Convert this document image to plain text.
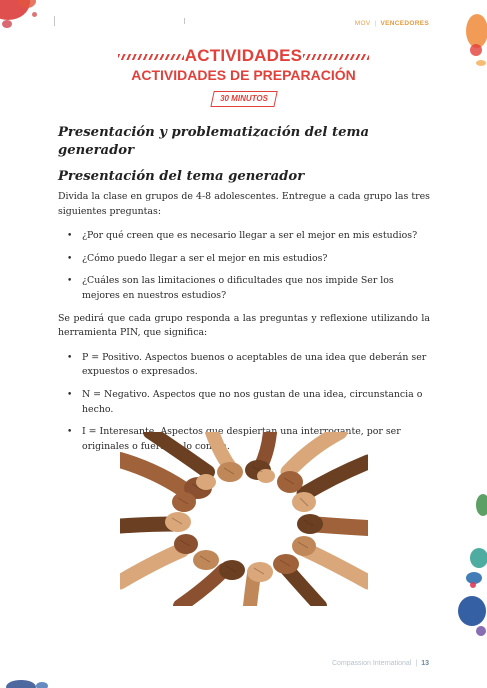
MOV | VENCEDORES
ACTIVIDADES
ACTIVIDADES DE PREPARACIÓN
30 MINUTOS
Presentación y problematización del tema generador
Presentación del tema generador

Divida la clase en grupos de 4-8 adolescentes. Entregue a cada grupo las tres siguientes preguntas:

• ¿Por qué creen que es necesario llegar a ser el mejor en mis estudios?
• ¿Cómo puedo llegar a ser el mejor en mis estudios?
• ¿Cuáles son las limitaciones o dificultades que nos impide Ser los mejores en nuestros estudios?

Se pedirá que cada grupo responda a las preguntas y reflexione utilizando la herramienta PIN, que significa:

• P = Positivo. Aspectos buenos o aceptables de una idea que deberán ser expuestos o expresados.
• N = Negativo. Aspectos que no nos gustan de una idea, circunstancia o hecho.
• I = Interesante. Aspectos que despiertan una interrogante, por ser originales o fuera de lo común.
Compassion International | 13
